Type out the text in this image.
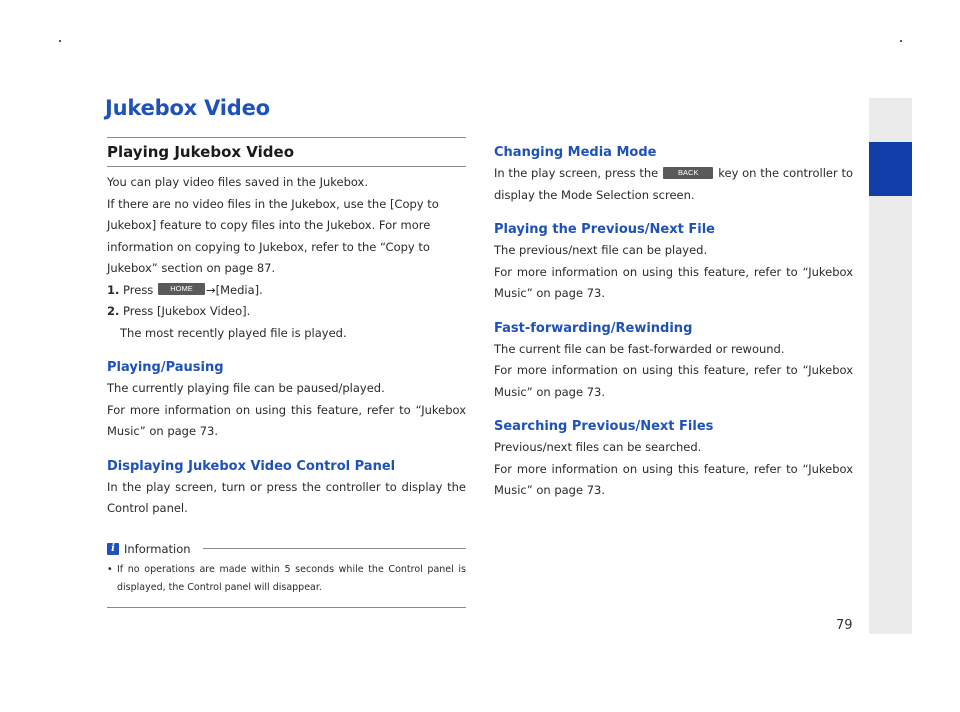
Jukebox Video
Playing Jukebox Video

You can play video files saved in the Jukebox.

If there are no video files in the Jukebox, use the [Copy to Jukebox] feature to copy files into the Jukebox. For more information on copying to Jukebox, refer to the “Copy to Jukebox” section on page 87.

1. Press HOME →[Media].
2. Press [Jukebox Video].
The most recently played file is played.
Playing/Pausing

The currently playing file can be paused/played.

For more information on using this feature, refer to “Jukebox Music” on page 73.

Displaying Jukebox Video Control Panel

In the play screen, turn or press the controller to display the Control panel.

i Information
• If no operations are made within 5 seconds while the Control panel is displayed, the Control panel will disappear.
Changing Media Mode

In the play screen, press the	BACK key on the controller to display the Mode Selection screen.

Playing the Previous/Next File

The previous/next file can be played.

For more information on using this feature, refer to “Jukebox Music” on page 73.

Fast-forwarding/Rewinding

The current file can be fast-forwarded or rewound.

For more information on using this feature, refer to “Jukebox Music” on page 73.

Searching Previous/Next Files

Previous/next files can be searched.

For more information on using this feature, refer to “Jukebox Music” on page 73.

79
